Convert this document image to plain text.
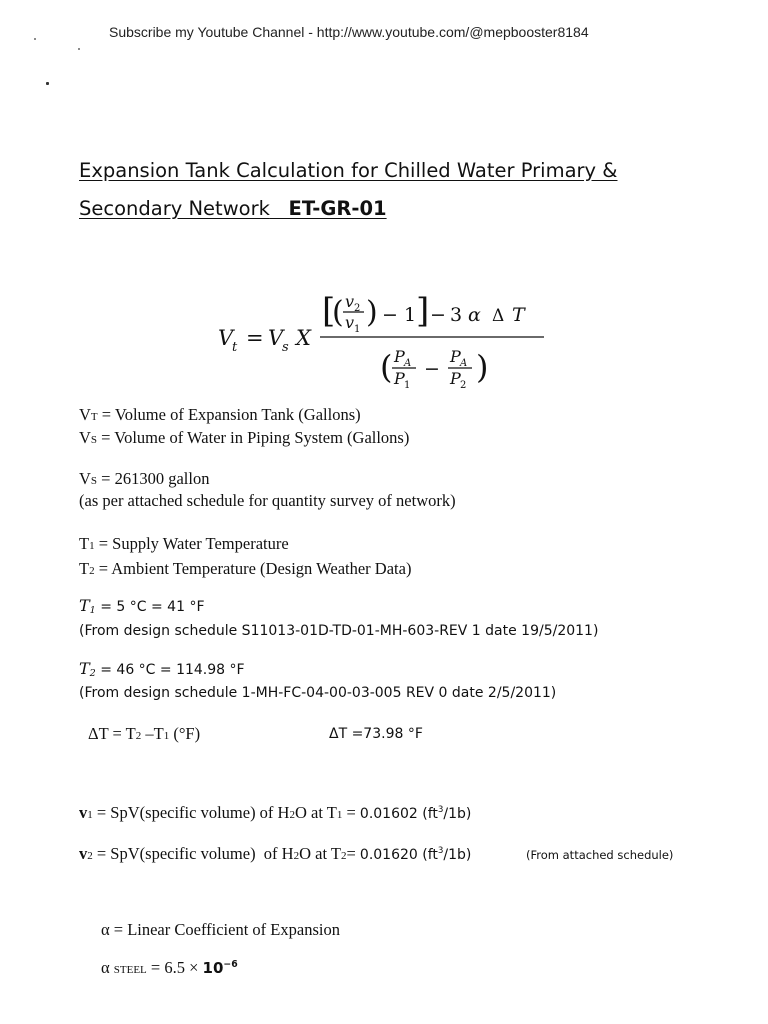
Subscribe my Youtube Channel - http://www.youtube.com/@mepbooster8184
Expansion Tank Calculation for Chilled Water Primary &
Secondary Network ET-GR-01
V
t = V
s X
[
( v 2
v 1 ) − 1 ] − 3 α Δ T
( P A
P 1
−
P A
P 2 )
VT = Volume of Expansion Tank (Gallons)
VS = Volume of Water in Piping System (Gallons)
VS = 261300 gallon
(as per attached schedule for quantity survey of network)
T1 = Supply Water Temperature
T2 = Ambient Temperature (Design Weather Data)
$T_1 = 5$ °C = 41 °F
(From design schedule S11013-01D-TD-01-MH-603-REV 1 date 19/5/2011)
$T_2 = 46$ °C = 114.98 °F
(From design schedule 1-MH-FC-04-00-03-005 REV 0 date 2/5/2011)
ΔT = T2 –T1 (°F)	ΔT =73.98 °F
v1 = SpV(specific volume) of H2O at T1 = 0.01602 $(ft^3/1b)$
v2 = SpV(specific volume)  of H2O at T2= 0.01620 $(ft^3/1b)$	(From attached schedule)
α = Linear Coefficient of Expansion
α STEEL = $6.5 \times 10^{-6}$
